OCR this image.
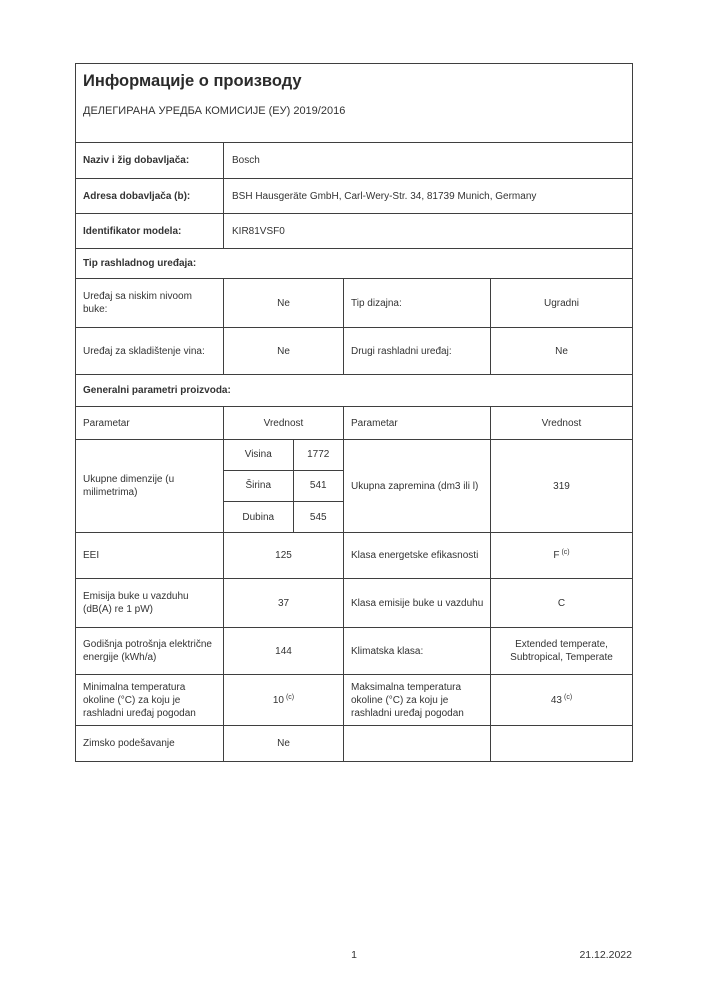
Информације о производу
ДЕЛЕГИРАНА УРЕДБА КОМИСИЈЕ (ЕУ) 2019/2016

Naziv i žig dobavljača:	Bosch
Adresa dobavljača (b):	BSH Hausgeräte GmbH, Carl-Wery-Str. 34, 81739 Munich, Germany
Identifikator modela:	KIR81VSF0
Tip rashladnog uređaja:
Uređaj sa niskim nivoom buke:	Ne	Tip dizajna:	Ugradni
Uređaj za skladištenje vina:	Ne	Drugi rashladni uređaj:	Ne
Generalni parametri proizvoda:
Parametar	Vrednost	Parametar	Vrednost
Ukupne dimenzije (u milimetrima)	
Visina	1772
Širina	541
Dubina	545
	Ukupna zapremina (dm3 ili l)	319
EEI	125	Klasa energetske efikasnosti	F $^{(c)}$
Emisija buke u vazduhu (dB(A) re 1 pW)	37	Klasa emisije buke u vazduhu	C
Godišnja potrošnja električne energije (kWh/a)	144	Klimatska klasa:	Extended temperate, Subtropical, Temperate
Minimalna temperatura okoline (°C) za koju je rashladni uređaj pogodan	10 $^{(c)}$	Maksimalna temperatura okoline (°C) za koju je rashladni uređaj pogodan	43 $^{(c)}$
Zimsko podešavanje	Ne		
1	21.12.2022
